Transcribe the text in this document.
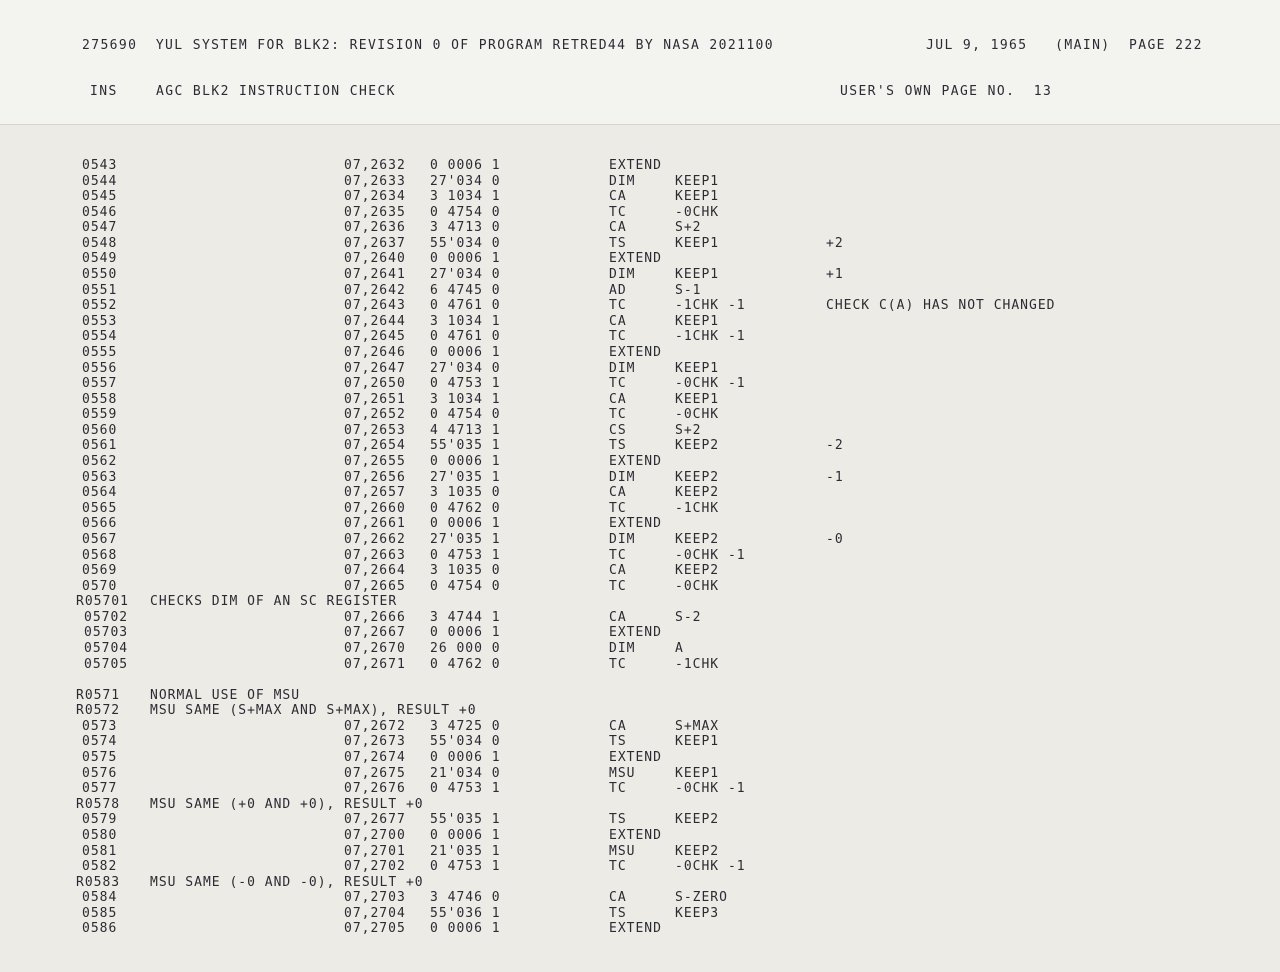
275690  YUL SYSTEM FOR BLK2: REVISION 0 OF PROGRAM RETRED44 BY NASA 2021100	JUL 9, 1965   (MAIN)  PAGE 222
INS	AGC BLK2 INSTRUCTION CHECK	USER'S OWN PAGE NO.  13
0543	07,2632 0 0006 1	EXTEND
0544	07,2633 27'034 0	DIM	KEEP1
0545	07,2634 3 1034 1	CA	KEEP1
0546	07,2635 0 4754 0	TC	-0CHK
0547	07,2636 3 4713 0	CA	S+2
0548	07,2637 55'034 0	TS	KEEP1	+2
0549	07,2640 0 0006 1	EXTEND
0550	07,2641 27'034 0	DIM	KEEP1	+1
0551	07,2642 6 4745 0	AD	S-1
0552	07,2643 0 4761 0	TC	-1CHK -1	CHECK C(A) HAS NOT CHANGED
0553	07,2644 3 1034 1	CA	KEEP1
0554	07,2645 0 4761 0	TC	-1CHK -1
0555	07,2646 0 0006 1	EXTEND
0556	07,2647 27'034 0	DIM	KEEP1
0557	07,2650 0 4753 1	TC	-0CHK -1
0558	07,2651 3 1034 1	CA	KEEP1
0559	07,2652 0 4754 0	TC	-0CHK
0560	07,2653 4 4713 1	CS	S+2
0561	07,2654 55'035 1	TS	KEEP2	-2
0562	07,2655 0 0006 1	EXTEND
0563	07,2656 27'035 1	DIM	KEEP2	-1
0564	07,2657 3 1035 0	CA	KEEP2
0565	07,2660 0 4762 0	TC	-1CHK
0566	07,2661 0 0006 1	EXTEND
0567	07,2662 27'035 1	DIM	KEEP2	-0
0568	07,2663 0 4753 1	TC	-0CHK -1
0569	07,2664 3 1035 0	CA	KEEP2
0570	07,2665 0 4754 0	TC	-0CHK
R05701 CHECKS DIM OF AN SC REGISTER
05702	07,2666 3 4744 1	CA	S-2
05703	07,2667 0 0006 1	EXTEND
05704	07,2670 26 000 0	DIM	A
05705	07,2671 0 4762 0	TC	-1CHK
R0571 NORMAL USE OF MSU
R0572 MSU SAME (S+MAX AND S+MAX), RESULT +0
0573	07,2672 3 4725 0	CA	S+MAX
0574	07,2673 55'034 0	TS	KEEP1
0575	07,2674 0 0006 1	EXTEND
0576	07,2675 21'034 0	MSU	KEEP1
0577	07,2676 0 4753 1	TC	-0CHK -1
R0578 MSU SAME (+0 AND +0), RESULT +0
0579	07,2677 55'035 1	TS	KEEP2
0580	07,2700 0 0006 1	EXTEND
0581	07,2701 21'035 1	MSU	KEEP2
0582	07,2702 0 4753 1	TC	-0CHK -1
R0583 MSU SAME (-0 AND -0), RESULT +0
0584	07,2703 3 4746 0	CA	S-ZERO
0585	07,2704 55'036 1	TS	KEEP3
0586	07,2705 0 0006 1	EXTEND
